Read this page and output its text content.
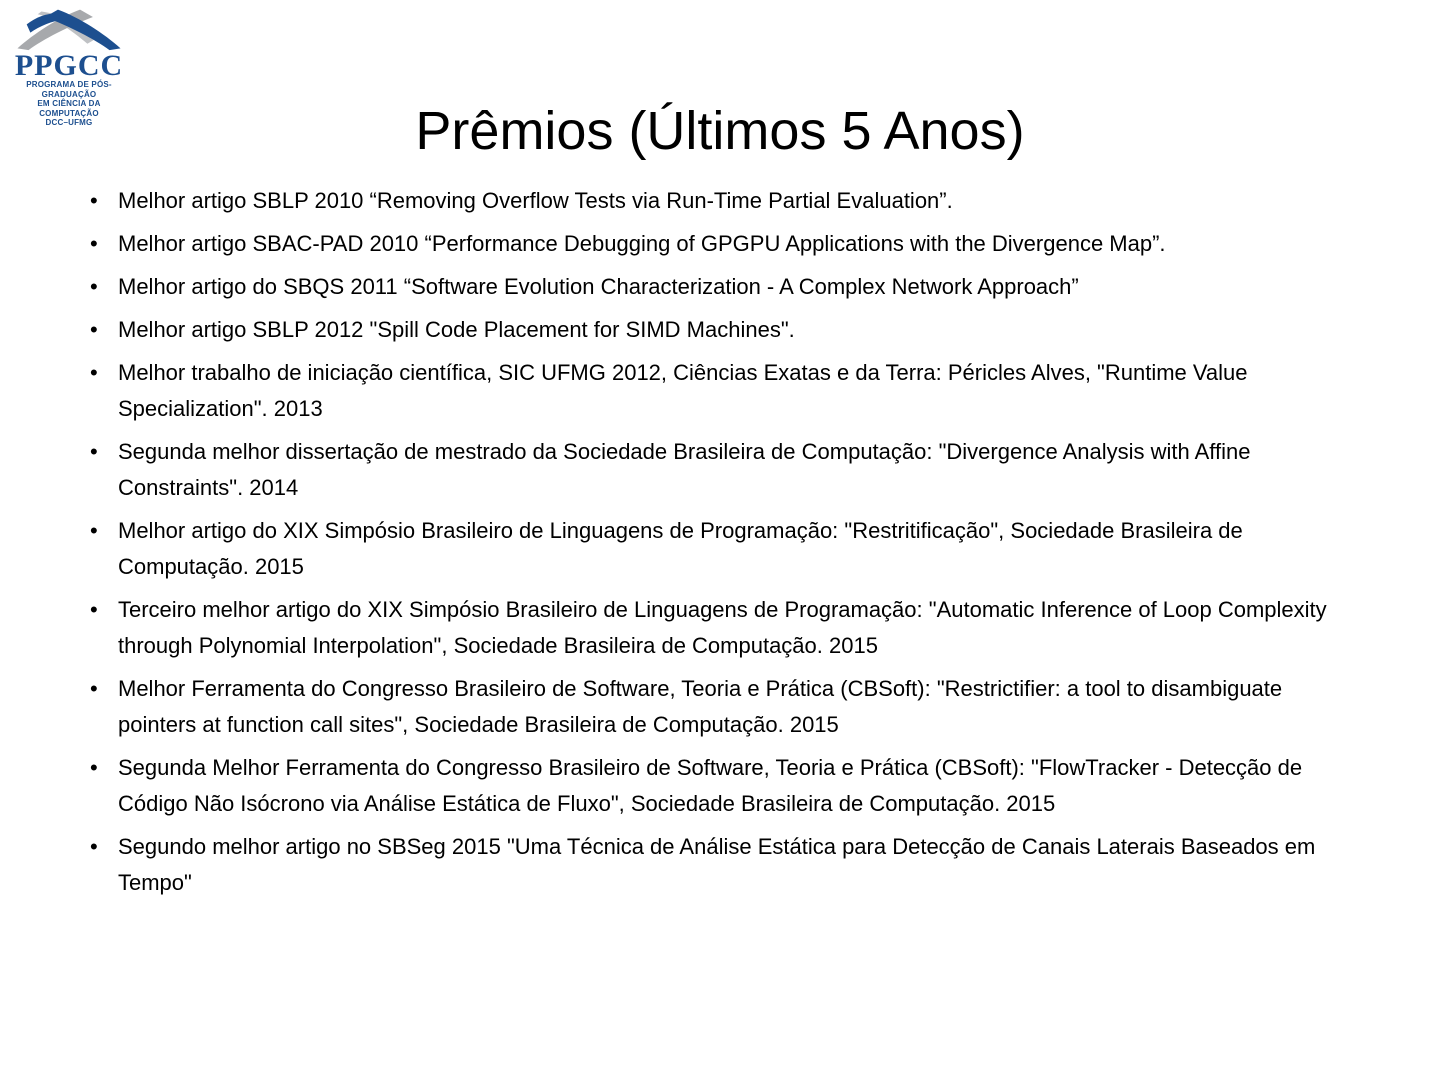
PPGCC
PROGRAMA DE PÓS-GRADUAÇÃO
EM CIÊNCIA DA COMPUTAÇÃO
DCC–UFMG	Prêmios (Últimos 5 Anos)
• Melhor artigo SBLP 2010 “Removing Overflow Tests via Run-Time Partial Evaluation”.
• Melhor artigo SBAC-PAD 2010 “Performance Debugging of GPGPU Applications with the Divergence Map”.
• Melhor artigo do SBQS 2011 “Software Evolution Characterization - A Complex Network Approach”
• Melhor artigo SBLP 2012 "Spill Code Placement for SIMD Machines".
• Melhor trabalho de iniciação científica, SIC UFMG 2012, Ciências Exatas e da Terra: Péricles Alves, "Runtime Value Specialization". 2013
• Segunda melhor dissertação de mestrado da Sociedade Brasileira de Computação: "Divergence Analysis with Affine Constraints". 2014
• Melhor artigo do XIX Simpósio Brasileiro de Linguagens de Programação: "Restritificação", Sociedade Brasileira de Computação. 2015
• Terceiro melhor artigo do XIX Simpósio Brasileiro de Linguagens de Programação: "Automatic Inference of Loop Complexity through Polynomial Interpolation", Sociedade Brasileira de Computação. 2015
• Melhor Ferramenta do Congresso Brasileiro de Software, Teoria e Prática (CBSoft): "Restrictifier: a tool to disambiguate pointers at function call sites", Sociedade Brasileira de Computação. 2015
• Segunda Melhor Ferramenta do Congresso Brasileiro de Software, Teoria e Prática (CBSoft): "FlowTracker - Detecção de Código Não Isócrono via Análise Estática de Fluxo", Sociedade Brasileira de Computação. 2015
• Segundo melhor artigo no SBSeg 2015 "Uma Técnica de Análise Estática para Detecção de Canais Laterais Baseados em Tempo"
